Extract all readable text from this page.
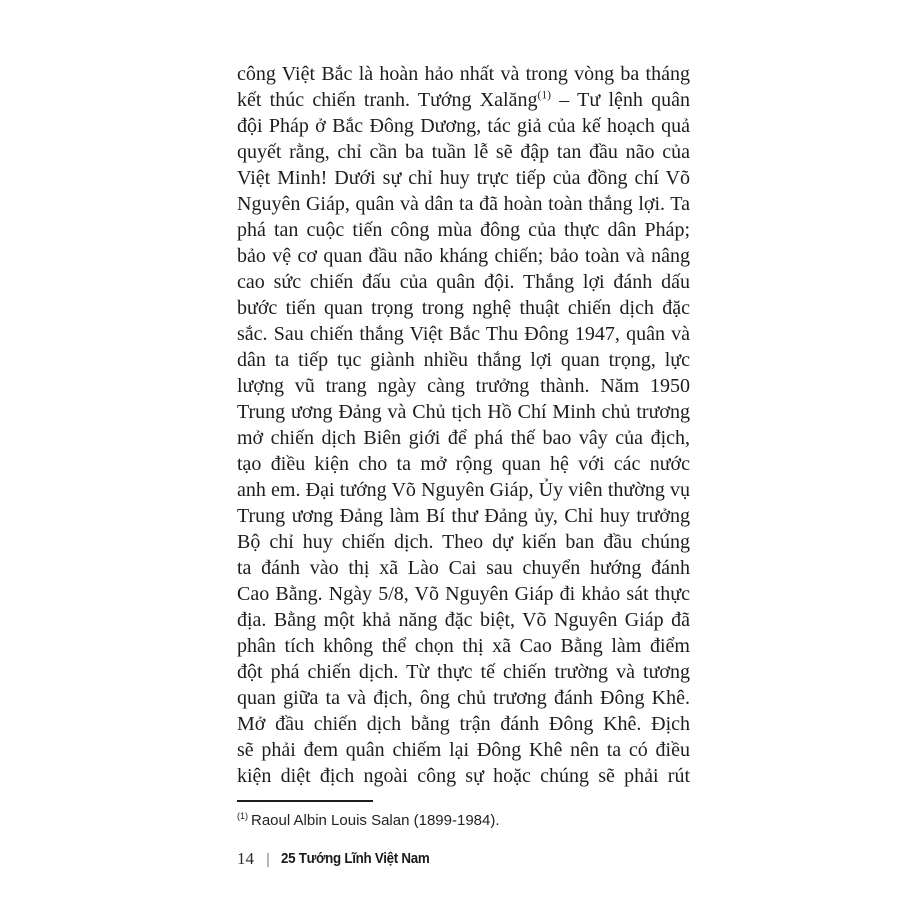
công Việt Bắc là hoàn hảo nhất và trong vòng ba tháng
kết thúc chiến tranh. Tướng Xalăng$^{(1)}$ – Tư lệnh quân
đội Pháp ở Bắc Đông Dương, tác giả của kế hoạch quả
quyết rằng, chỉ cần ba tuần lễ sẽ đập tan đầu não của
Việt Minh! Dưới sự chỉ huy trực tiếp của đồng chí Võ
Nguyên Giáp, quân và dân ta đã hoàn toàn thắng lợi. Ta
phá tan cuộc tiến công mùa đông của thực dân Pháp;
bảo vệ cơ quan đầu não kháng chiến; bảo toàn và nâng
cao sức chiến đấu của quân đội. Thắng lợi đánh dấu
bước tiến quan trọng trong nghệ thuật chiến dịch đặc
sắc. Sau chiến thắng Việt Bắc Thu Đông 1947, quân và
dân ta tiếp tục giành nhiều thắng lợi quan trọng, lực
lượng vũ trang ngày càng trưởng thành. Năm 1950
Trung ương Đảng và Chủ tịch Hồ Chí Minh chủ trương
mở chiến dịch Biên giới để phá thế bao vây của địch,
tạo điều kiện cho ta mở rộng quan hệ với các nước
anh em. Đại tướng Võ Nguyên Giáp, Ủy viên thường vụ
Trung ương Đảng làm Bí thư Đảng ủy, Chỉ huy trưởng
Bộ chỉ huy chiến dịch. Theo dự kiến ban đầu chúng
ta đánh vào thị xã Lào Cai sau chuyển hướng đánh
Cao Bằng. Ngày 5/8, Võ Nguyên Giáp đi khảo sát thực
địa. Bằng một khả năng đặc biệt, Võ Nguyên Giáp đã
phân tích không thể chọn thị xã Cao Bằng làm điểm
đột phá chiến dịch. Từ thực tế chiến trường và tương
quan giữa ta và địch, ông chủ trương đánh Đông Khê.
Mở đầu chiến dịch bằng trận đánh Đông Khê. Địch
sẽ phải đem quân chiếm lại Đông Khê nên ta có điều
kiện diệt địch ngoài công sự hoặc chúng sẽ phải rút
$^{(1)}$ Raoul Albin Louis Salan (1899-1984).
14 | 25 Tướng Lĩnh Việt Nam
